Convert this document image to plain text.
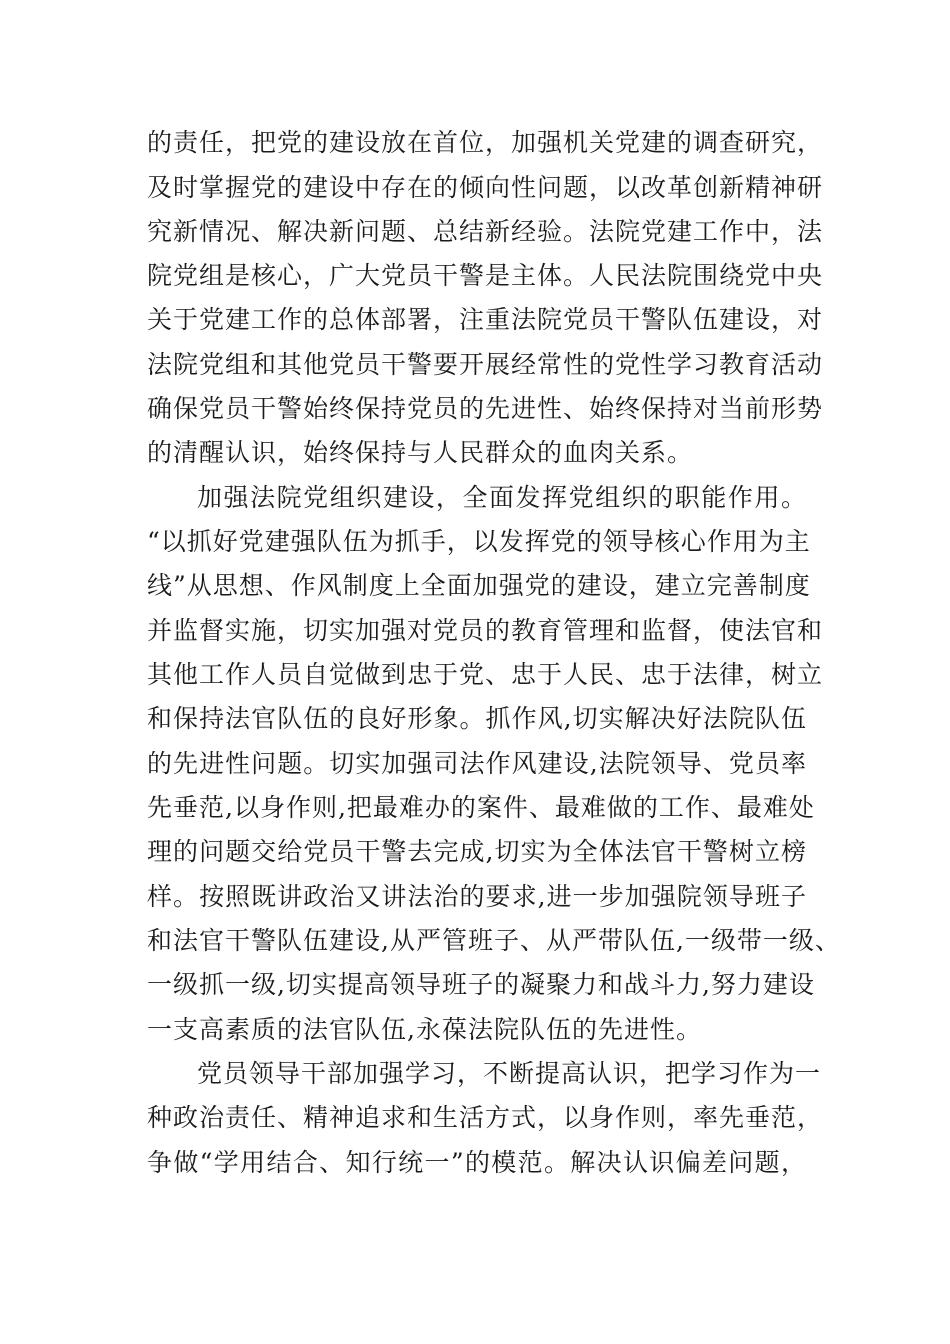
的责任，把党的建设放在首位，加强机关党建的调查研究，
及时掌握党的建设中存在的倾向性问题，以改革创新精神研
究新情况、解决新问题、总结新经验。法院党建工作中，法
院党组是核心，广大党员干警是主体。人民法院围绕党中央
关于党建工作的总体部署，注重法院党员干警队伍建设，对
法院党组和其他党员干警要开展经常性的党性学习教育活动
确保党员干警始终保持党员的先进性、始终保持对当前形势
的清醒认识，始终保持与人民群众的血肉关系。
加强法院党组织建设，全面发挥党组织的职能作用。
“以抓好党建强队伍为抓手，以发挥党的领导核心作用为主
线”从思想、作风制度上全面加强党的建设，建立完善制度
并监督实施，切实加强对党员的教育管理和监督，使法官和
其他工作人员自觉做到忠于党、忠于人民、忠于法律，树立
和保持法官队伍的良好形象。抓作风,切实解决好法院队伍
的先进性问题。切实加强司法作风建设,法院领导、党员率
先垂范,以身作则,把最难办的案件、最难做的工作、最难处
理的问题交给党员干警去完成,切实为全体法官干警树立榜
样。按照既讲政治又讲法治的要求,进一步加强院领导班子
和法官干警队伍建设,从严管班子、从严带队伍,一级带一级、
一级抓一级,切实提高领导班子的凝聚力和战斗力,努力建设
一支高素质的法官队伍,永葆法院队伍的先进性。
党员领导干部加强学习，不断提高认识，把学习作为一
种政治责任、精神追求和生活方式，以身作则，率先垂范，
争做“学用结合、知行统一”的模范。解决认识偏差问题，
